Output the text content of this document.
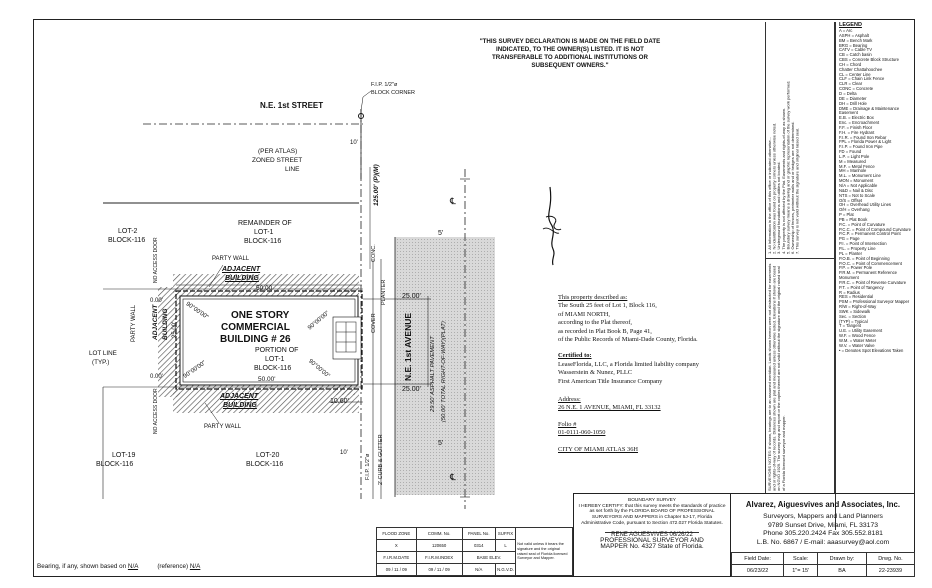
"THIS SURVEY DECLARATION IS MADE ON THE FIELD DATE INDICATED, TO THE OWNER(S) LISTED. IT IS NOT TRANSFERABLE TO ADDITIONAL INSTITUTIONS OR SUBSEQUENT OWNERS."
N.E. 1st STREET
F.I.P. 1/2"ø
BLOCK CORNER
(PER ATLAS)
ZONED STREET
LINE
10'
REMAINDER OF
LOT-1
BLOCK-116
LOT-2
BLOCK-116
LOT-19
BLOCK-116
LOT-20
BLOCK-116
PARTY WALL
PARTY WALL
ADJACENT
BUILDING
50.00
ONE STORY
COMMERCIAL
BUILDING # 26
PORTION OF
LOT-1
BLOCK-116
50.00'
ADJACENT
BUILDING
0.00'
0.00'
90°00'00"
90°00'00"
90°00'00"
90°00'00"
ADJACENT BUILDING 25.00'
PARTY WALL
LOT LINE
(TYP.)
NO ACCESS DOOR
NO ACCESS DOOR
25.00'
25.00'
10.60'
5'
5'
10'
125.00' (P)(M)
N.E. 1st AVENUE	29.50' ASPHALT PAVEMENT (50.00' TOTAL RIGHT-OF-WAY)(PLAT)
2' CURB & GUTTER
PLANTER
COVER
F.I.P. 1/2"ø
CONC.
℄
℄
This property described as:
The South 25 feet of Lot 1, Block 116,
of MIAMI NORTH,
according to the Plat thereof,
as recorded in Plat Book B, Page 41,
of the Public Records of Miami-Dade County, Florida.
Certified to:
LeaseFlorida, LLC, a Florida limited liability company
Wasserstein & Nunez, PLLC
First American Title Insurance Company
Address:
26 N.E. 1 AVENUE, MIAMI, FL 33132
Folio #
01-0111-060-1050
CITY OF MIAMI ATLAS 36H
1. All Information in the office of this office or indicated otherwise...
2. No identification was found on property corners unless otherwise noted.
3. Underground foundations and utilities not located.
4. The property is not affected by the Plat. Easements and rights-of-way as shown.
5. Boundary survey means a drawing and or graphic representation of the survey work performed.
6. Ownership of fences, perimeter walls and or hedges are not determined.
7. This survey is not valid without the signature and original raised seal.
SURVEYORS NOTES: If shown, bearings are to an assumed meridian. Lands shown hereon were not abstracted for easements and or rights-of-way of records. Distances shown are plat and measured unless otherwise noted. Elevations if shown are based on NGVD 1929. The survey map and report or the copies thereof are not valid without the signature and the original raised seal of a Florida licensed surveyor and mapper.
LEGEND
A = Arc
ASPH = Asphalt
BM = Bench Mark
BRG = Bearing
CATV = Cable TV
CB = Catch basin
CBS = Concrete Block Structure
CH = Chord
Chatter Chattahoochee
CL = Center Line
CLF = Chain Link Fence
CLR = Clear
CONC = Concrete
D = Delta
DE = Diameter
DH = Drill Hole
DME = Drainage & Maintenance Easement
E.B. = Electric Box
Enc. = Encroachment
F.F. = Finish Floor
F.H. = Fire Hydrant
F.I.R. = Found Iron Rebar
FPL = Florida Power & Light
F.I.P. = Found Iron Pipe
FD = Found
L.P. = Light Pole
M = Measured
M.F. = Metal Fence
MH = Manhole
M.L. = Monument Line
MON = Monument
N/A = Not Applicable
N&D = Nail & Disc
NTS = Not to Scale
O/S = Offset
OH = Overhead Utility Lines
O/H = Overhang
P = Plat
PB = Plat Book
P.C. = Point of Curvature
P.C.C. = Point of Compound Curvature
P.C.P. = Permanent Control Point
PG = Page
P.I. = Point of Intersection
P.L. = Property Line
PL = Planter
P.O.B. = Point of Beginning
P.O.C. = Point of Commencement
P.P. = Power Pole
P.R.M. = Permanent Reference Monument
P.R.C. = Point of Reverse Curvature
P.T. = Point of Tangency
R = Radius
RES = Residential
PSM = Professional Surveyor Mapper
R/W = Right-of-Way
SWK = Sidewalk
Sec. = Section
(TYP) = Typical
T = Tangent
U.E. = Utility Easement
W.F. = Wood Fence
W.M. = Water Meter
W.V. = Water Valve
• = Denotes Spot Elevations Taken
FLOOD ZONE	COMM. No.	PANEL No.	SUFFIX	Not valid unless it bears the signature and the original raised seal of Florida licensed Surveyor and Mapper.
X	120650	0314	L	
F.I.R.M.DATE	F.I.R.M.INDEX	BASE ELEV.		
09 / 11 / 09	09 / 11 / 09	N/A	N.G.V.D.	
BOUNDARY SURVEY
I HEREBY CERTIFY: that this survey meets the standards of practice as set forth by the FLORIDA BOARD OF PROFESSIONAL SURVEYORS AND MAPPERS in Chapter 5J-17, Florida Administrative Code, pursuant to Section 472.027 Florida Statutes.
RENE AGUESVIVES 06/26/22
PROFESSIONAL SURVEYOR AND
MAPPER No. 4327 State of Florida.
Alvarez, Aiguesvives and Associates, Inc.
Surveyors, Mappers and Land Planners
9789 Sunset Drive, Miami, FL 33173
Phone 305.220.2424 Fax 305.552.8181
L.B. No. 6867 / E-mail: aaasurvey@aol.com
Field Date:	Scale:	Drawn by:	Drwg. No.
06/23/22	1"= 15'	BA	22-23939
Bearing, if any, shown based on N/A	(reference) N/A
